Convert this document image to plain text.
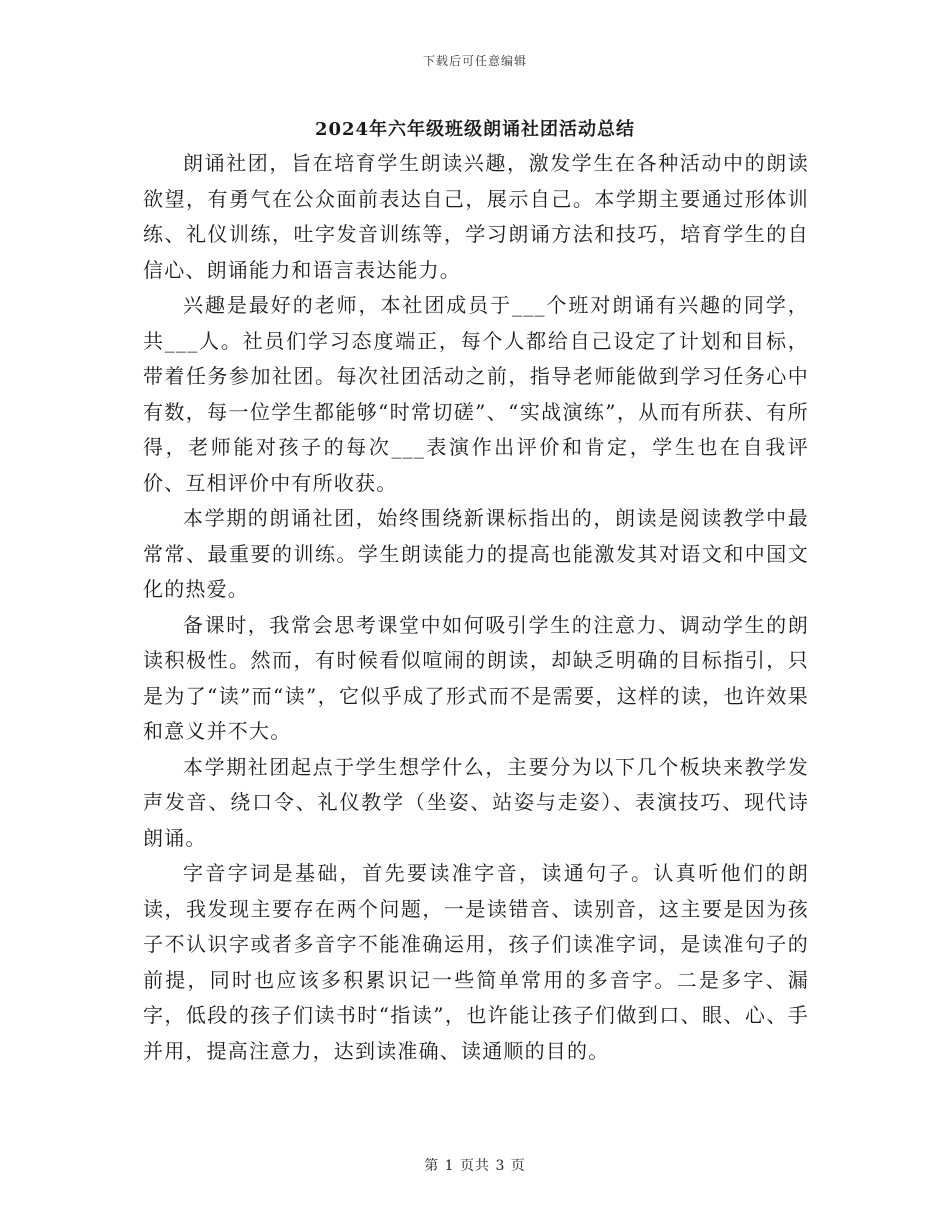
下载后可任意编辑
2024年六年级班级朗诵社团活动总结

朗诵社团，旨在培育学生朗读兴趣，激发学生在各种活动中的朗读欲望，有勇气在公众面前表达自己，展示自己。本学期主要通过形体训练、礼仪训练，吐字发音训练等，学习朗诵方法和技巧，培育学生的自信心、朗诵能力和语言表达能力。

兴趣是最好的老师，本社团成员于___个班对朗诵有兴趣的同学，共___人。社员们学习态度端正，每个人都给自己设定了计划和目标，带着任务参加社团。每次社团活动之前，指导老师能做到学习任务心中有数，每一位学生都能够“时常切磋”、“实战演练”，从而有所获、有所得，老师能对孩子的每次___表演作出评价和肯定，学生也在自我评价、互相评价中有所收获。

本学期的朗诵社团，始终围绕新课标指出的，朗读是阅读教学中最常常、最重要的训练。学生朗读能力的提高也能激发其对语文和中国文化的热爱。

备课时，我常会思考课堂中如何吸引学生的注意力、调动学生的朗读积极性。然而，有时候看似喧闹的朗读，却缺乏明确的目标指引，只是为了“读”而“读”，它似乎成了形式而不是需要，这样的读，也许效果和意义并不大。

本学期社团起点于学生想学什么，主要分为以下几个板块来教学发声发音、绕口令、礼仪教学（坐姿、站姿与走姿）、表演技巧、现代诗朗诵。

字音字词是基础，首先要读准字音，读通句子。认真听他们的朗读，我发现主要存在两个问题，一是读错音、读别音，这主要是因为孩子不认识字或者多音字不能准确运用，孩子们读准字词，是读准句子的前提，同时也应该多积累识记一些简单常用的多音字。二是多字、漏字，低段的孩子们读书时“指读”，也许能让孩子们做到口、眼、心、手并用，提高注意力，达到读准确、读通顺的目的。

第 1 页共 3 页
